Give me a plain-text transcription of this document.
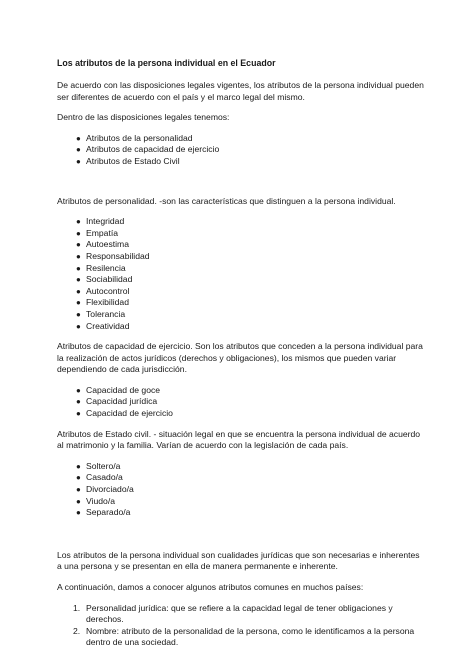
Los atributos de la persona individual en el Ecuador

De acuerdo con las disposiciones legales vigentes, los atributos de la persona individual pueden ser diferentes de acuerdo con el país y el marco legal del mismo.

Dentro de las disposiciones legales tenemos:

● Atributos de la personalidad
● Atributos de capacidad de ejercicio
● Atributos de Estado Civil

Atributos de personalidad. -son las características que distinguen a la persona individual.

● Integridad
● Empatía
● Autoestima
● Responsabilidad
● Resilencia
● Sociabilidad
● Autocontrol
● Flexibilidad
● Tolerancia
● Creatividad

Atributos de capacidad de ejercicio. Son los atributos que conceden a la persona individual para la realización de actos jurídicos (derechos y obligaciones), los mismos que pueden variar dependiendo de cada jurisdicción.

● Capacidad de goce
● Capacidad jurídica
● Capacidad de ejercicio

Atributos de Estado civil. - situación legal en que se encuentra la persona individual de acuerdo al matrimonio y la familia. Varían de acuerdo con la legislación de cada país.

● Soltero/a
● Casado/a
● Divorciado/a
● Viudo/a
● Separado/a

Los atributos de la persona individual son cualidades jurídicas que son necesarias e inherentes a una persona y se presentan en ella de manera permanente e inherente.

A continuación, damos a conocer algunos atributos comunes en muchos países:

1. Personalidad jurídica: que se refiere a la capacidad legal de tener obligaciones y derechos.
2. Nombre: atributo de la personalidad de la persona, como le identificamos a la persona dentro de una sociedad.
